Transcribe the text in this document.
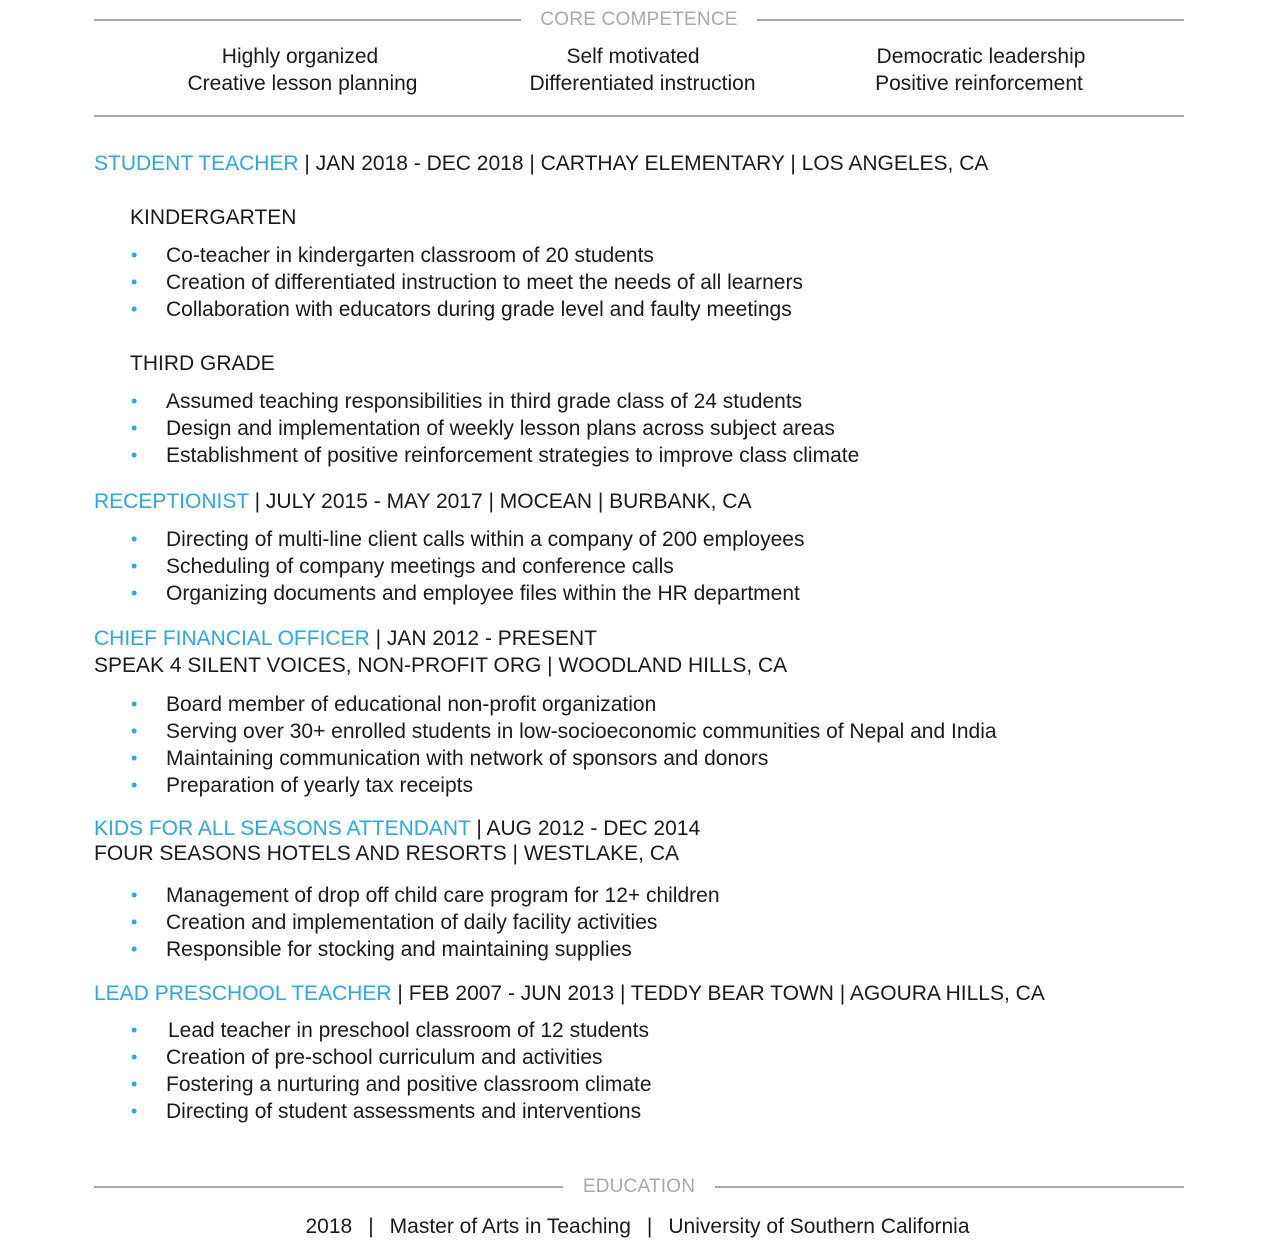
CORE COMPETENCE
Highly organized
Creative lesson planning
Self motivated
Differentiated instruction
Democratic leadership
Positive reinforcement
STUDENT TEACHER | JAN 2018 - DEC 2018 | CARTHAY ELEMENTARY | LOS ANGELES, CA
KINDERGARTEN
• Co-teacher in kindergarten classroom of 20 students
• Creation of differentiated instruction to meet the needs of all learners
• Collaboration with educators during grade level and faulty meetings
THIRD GRADE
• Assumed teaching responsibilities in third grade class of 24 students
• Design and implementation of weekly lesson plans across subject areas
• Establishment of positive reinforcement strategies to improve class climate
RECEPTIONIST | JULY 2015 - MAY 2017 | MOCEAN | BURBANK, CA
• Directing of multi-line client calls within a company of 200 employees
• Scheduling of company meetings and conference calls
• Organizing documents and employee files within the HR department
CHIEF FINANCIAL OFFICER | JAN 2012 - PRESENT
SPEAK 4 SILENT VOICES, NON-PROFIT ORG | WOODLAND HILLS, CA
• Board member of educational non-profit organization
• Serving over 30+ enrolled students in low-socioeconomic communities of Nepal and India
• Maintaining communication with network of sponsors and donors
• Preparation of yearly tax receipts
KIDS FOR ALL SEASONS ATTENDANT | AUG 2012 - DEC 2014
FOUR SEASONS HOTELS AND RESORTS | WESTLAKE, CA
• Management of drop off child care program for 12+ children
• Creation and implementation of daily facility activities
• Responsible for stocking and maintaining supplies
LEAD PRESCHOOL TEACHER | FEB 2007 - JUN 2013 | TEDDY BEAR TOWN | AGOURA HILLS, CA
• Lead teacher in preschool classroom of 12 students
• Creation of pre-school curriculum and activities
• Fostering a nurturing and positive classroom climate
• Directing of student assessments and interventions
EDUCATION
2018 | Master of Arts in Teaching | University of Southern California
